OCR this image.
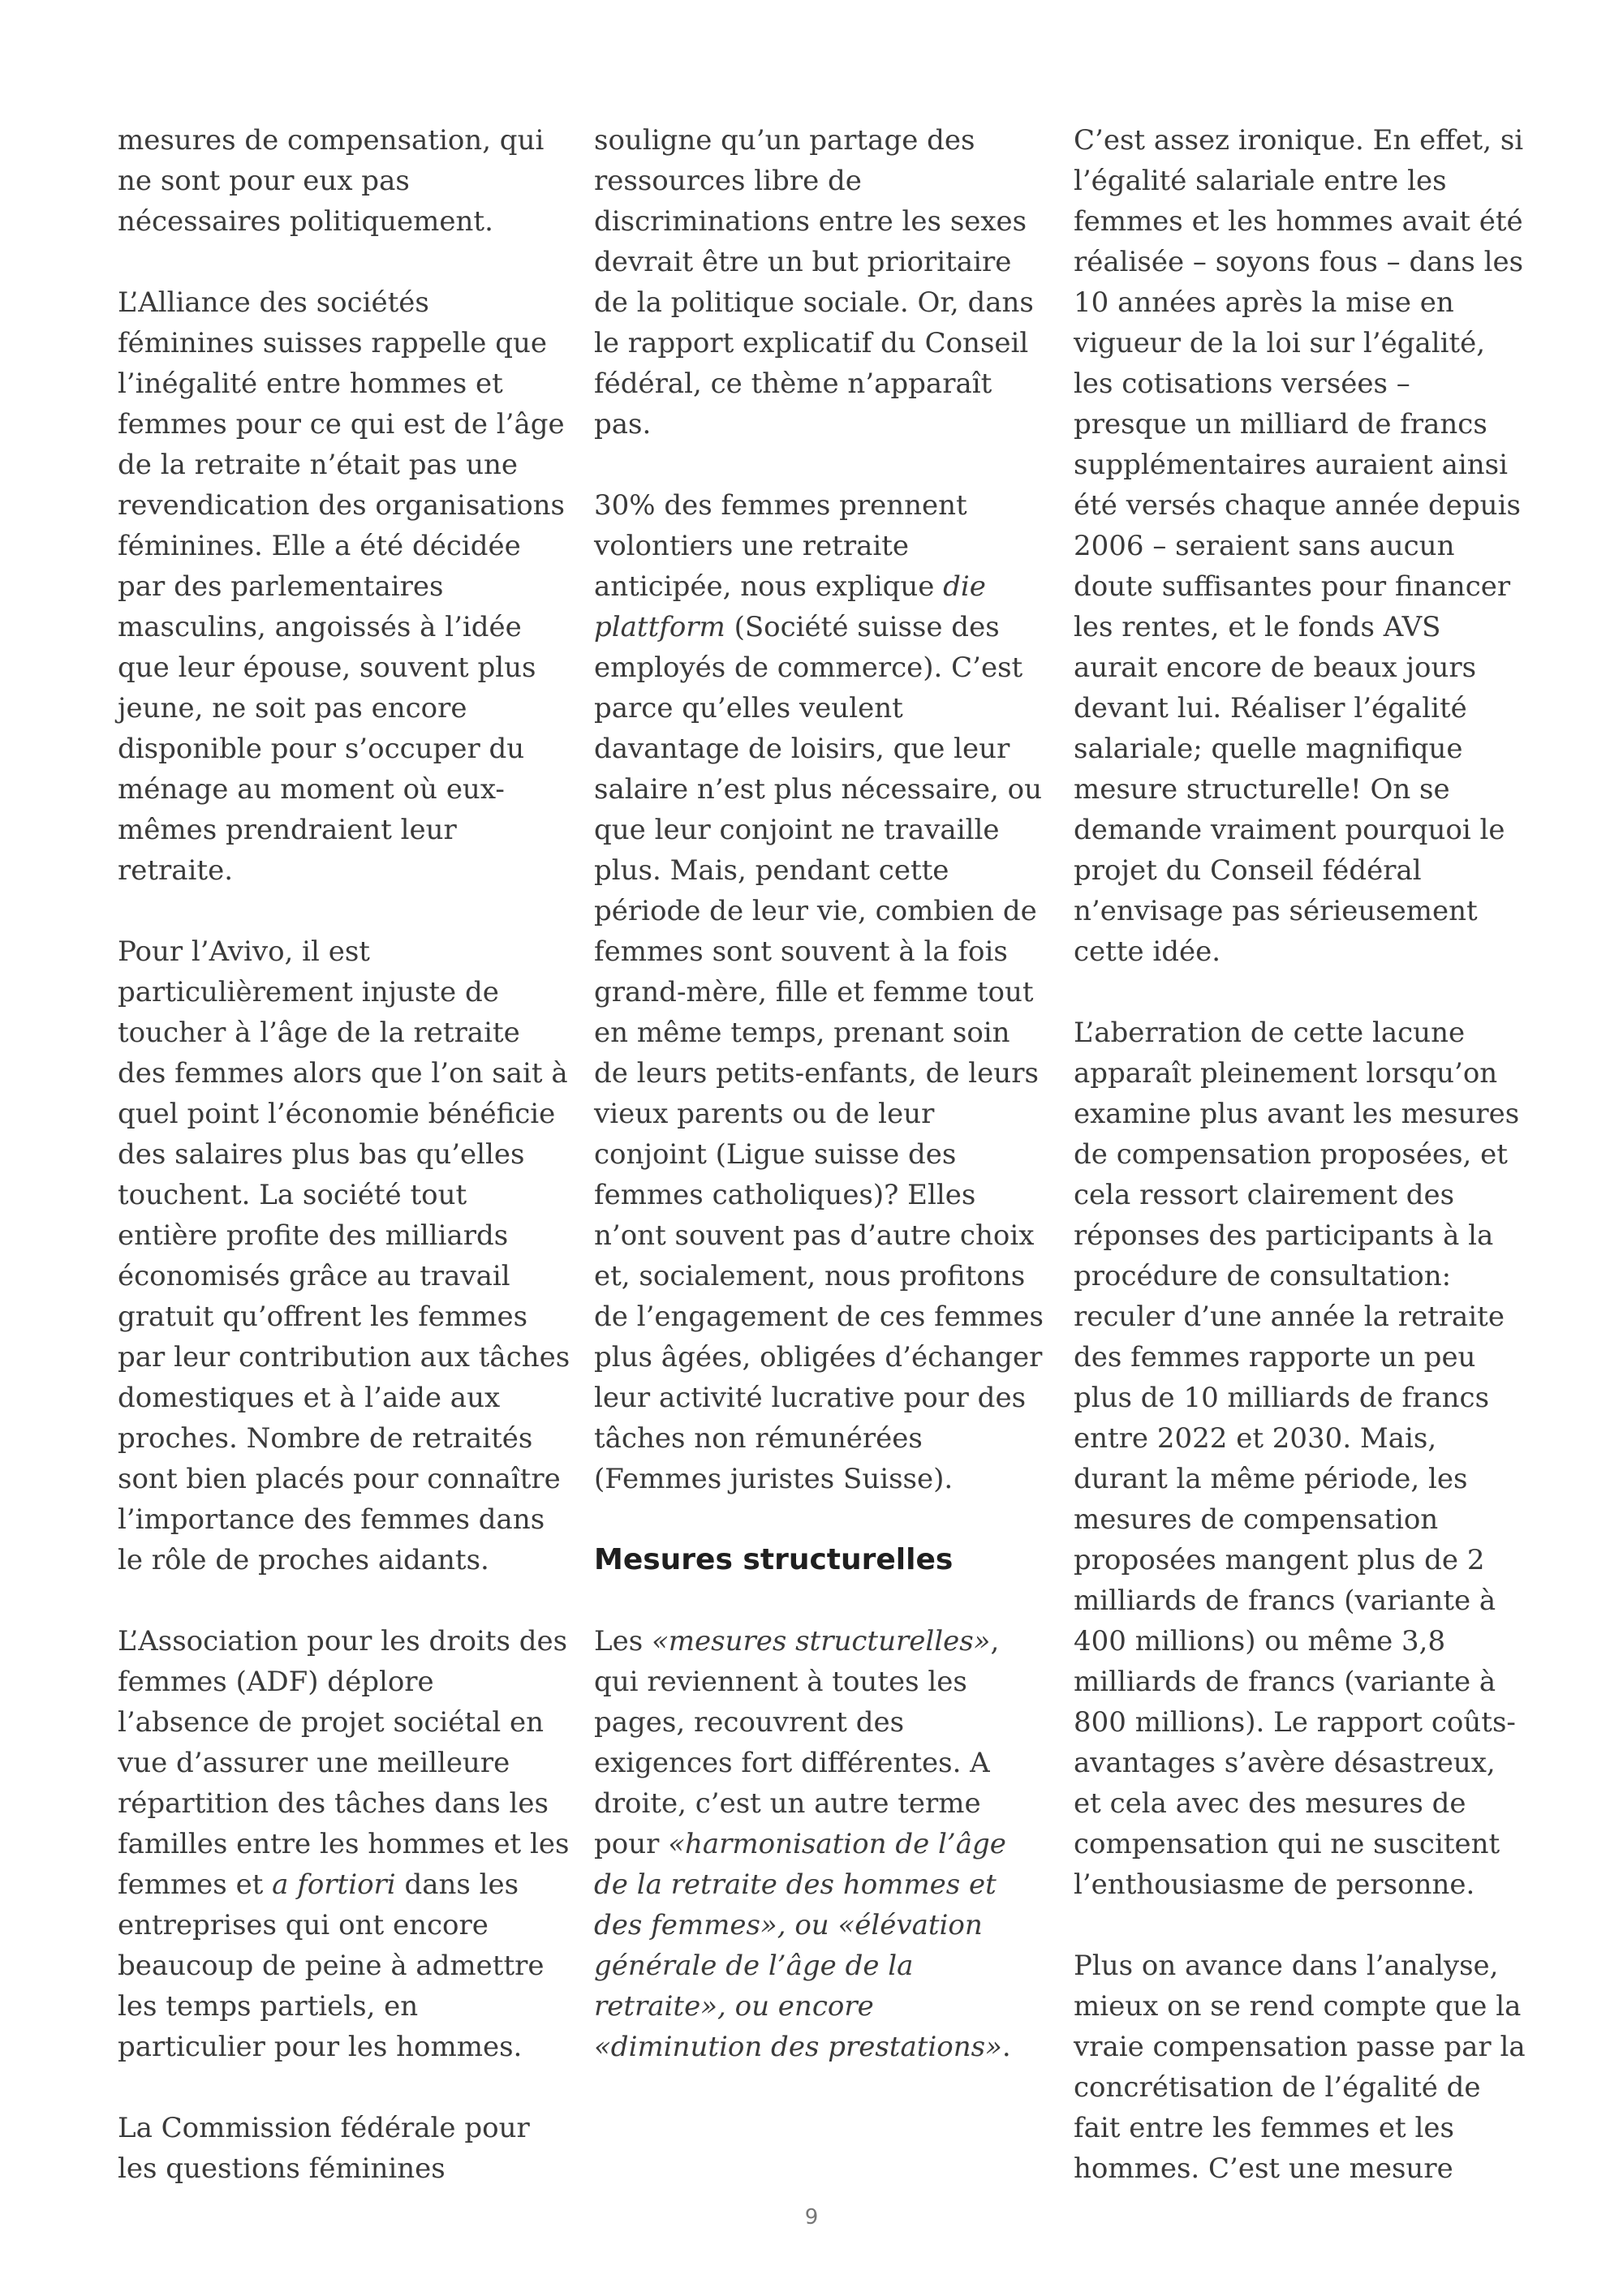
mesures de compensation, qui ne sont pour eux pas nécessaires politiquement.

L’Alliance des sociétés féminines suisses rappelle que l’inégalité entre hommes et femmes pour ce qui est de l’âge de la retraite n’était pas une revendication des organisations féminines. Elle a été décidée par des parlementaires masculins, angoissés à l’idée que leur épouse, souvent plus jeune, ne soit pas encore disponible pour s’occuper du ménage au moment où eux-mêmes prendraient leur retraite.

Pour l’Avivo, il est particulièrement injuste de toucher à l’âge de la retraite des femmes alors que l’on sait à quel point l’économie bénéficie des salaires plus bas qu’elles touchent. La société tout entière profite des milliards économisés grâce au travail gratuit qu’offrent les femmes par leur contribution aux tâches domestiques et à l’aide aux proches. Nombre de retraités sont bien placés pour connaître l’importance des femmes dans le rôle de proches aidants.

L’Association pour les droits des femmes (ADF) déplore l’absence de projet sociétal en vue d’assurer une meilleure répartition des tâches dans les familles entre les hommes et les femmes et a fortiori dans les entreprises qui ont encore beaucoup de peine à admettre les temps partiels, en particulier pour les hommes.

La Commission fédérale pour les questions féminines

souligne qu’un partage des ressources libre de discriminations entre les sexes devrait être un but prioritaire de la politique sociale. Or, dans le rapport explicatif du Conseil fédéral, ce thème n’apparaît pas.

30% des femmes prennent volontiers une retraite anticipée, nous explique die plattform (Société suisse des employés de commerce). C’est parce qu’elles veulent davantage de loisirs, que leur salaire n’est plus nécessaire, ou que leur conjoint ne travaille plus. Mais, pendant cette période de leur vie, combien de femmes sont souvent à la fois grand-mère, fille et femme tout en même temps, prenant soin de leurs petits-enfants, de leurs vieux parents ou de leur conjoint (Ligue suisse des femmes catholiques)? Elles n’ont souvent pas d’autre choix et, socialement, nous profitons de l’engagement de ces femmes plus âgées, obligées d’échanger leur activité lucrative pour des tâches non rémunérées (Femmes juristes Suisse).

Mesures structurelles

Les «mesures structurelles», qui reviennent à toutes les pages, recouvrent des exigences fort différentes. A droite, c’est un autre terme pour «harmonisation de l’âge de la retraite des hommes et des femmes», ou «élévation générale de l’âge de la retraite», ou encore «diminution des prestations».

C’est assez ironique. En effet, si l’égalité salariale entre les femmes et les hommes avait été réalisée – soyons fous – dans les 10 années après la mise en vigueur de la loi sur l’égalité, les cotisations versées – presque un milliard de francs supplémentaires auraient ainsi été versés chaque année depuis 2006 – seraient sans aucun doute suffisantes pour financer les rentes, et le fonds AVS aurait encore de beaux jours devant lui. Réaliser l’égalité salariale; quelle magnifique mesure structurelle! On se demande vraiment pourquoi le projet du Conseil fédéral n’envisage pas sérieusement cette idée.

L’aberration de cette lacune apparaît pleinement lorsqu’on examine plus avant les mesures de compensation proposées, et cela ressort clairement des réponses des participants à la procédure de consultation: reculer d’une année la retraite des femmes rapporte un peu plus de 10 milliards de francs entre 2022 et 2030. Mais, durant la même période, les mesures de compensation proposées mangent plus de 2 milliards de francs (variante à 400 millions) ou même 3,8 milliards de francs (variante à 800 millions). Le rapport coûts-avantages s’avère désastreux, et cela avec des mesures de compensation qui ne suscitent l’enthousiasme de personne.

Plus on avance dans l’analyse, mieux on se rend compte que la vraie compensation passe par la concrétisation de l’égalité de fait entre les femmes et les hommes. C’est une mesure

9
